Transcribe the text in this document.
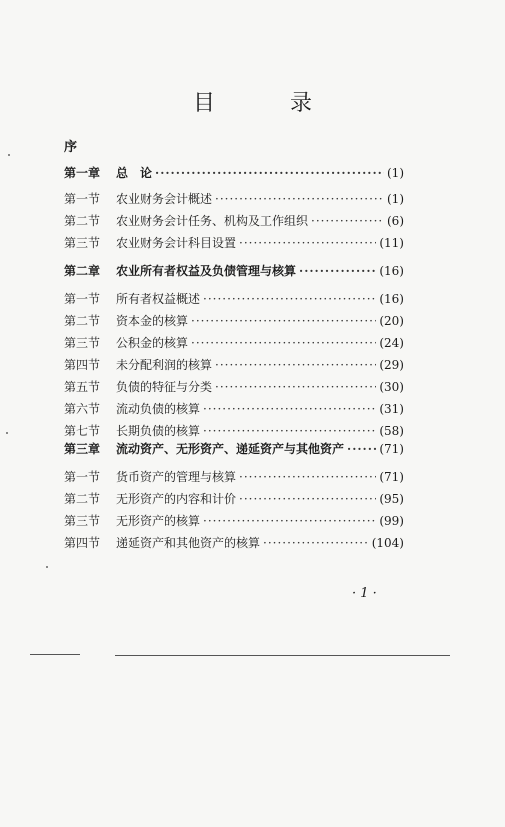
目 录
序
第一章	总　论 ·····	(1)
第一节	农业财务会计概述 ·····	(1)
第二节	农业财务会计任务、机构及工作组织 ·····	(6)
第三节	农业财务会计科目设置 ·····	(11)
第二章	农业所有者权益及负债管理与核算 ·····	(16)
第一节	所有者权益概述 ·····	(16)
第二节	资本金的核算 ·····	(20)
第三节	公积金的核算 ·····	(24)
第四节	未分配利润的核算 ·····	(29)
第五节	负债的特征与分类 ·····	(30)
第六节	流动负债的核算 ·····	(31)
第七节	长期负债的核算 ·····	(58)
第三章	流动资产、无形资产、递延资产与其他资产 ·····	(71)
第一节	货币资产的管理与核算 ·····	(71)
第二节	无形资产的内容和计价 ·····	(95)
第三节	无形资产的核算 ·····	(99)
第四节	递延资产和其他资产的核算 ·····	(104)
· 1 ·
